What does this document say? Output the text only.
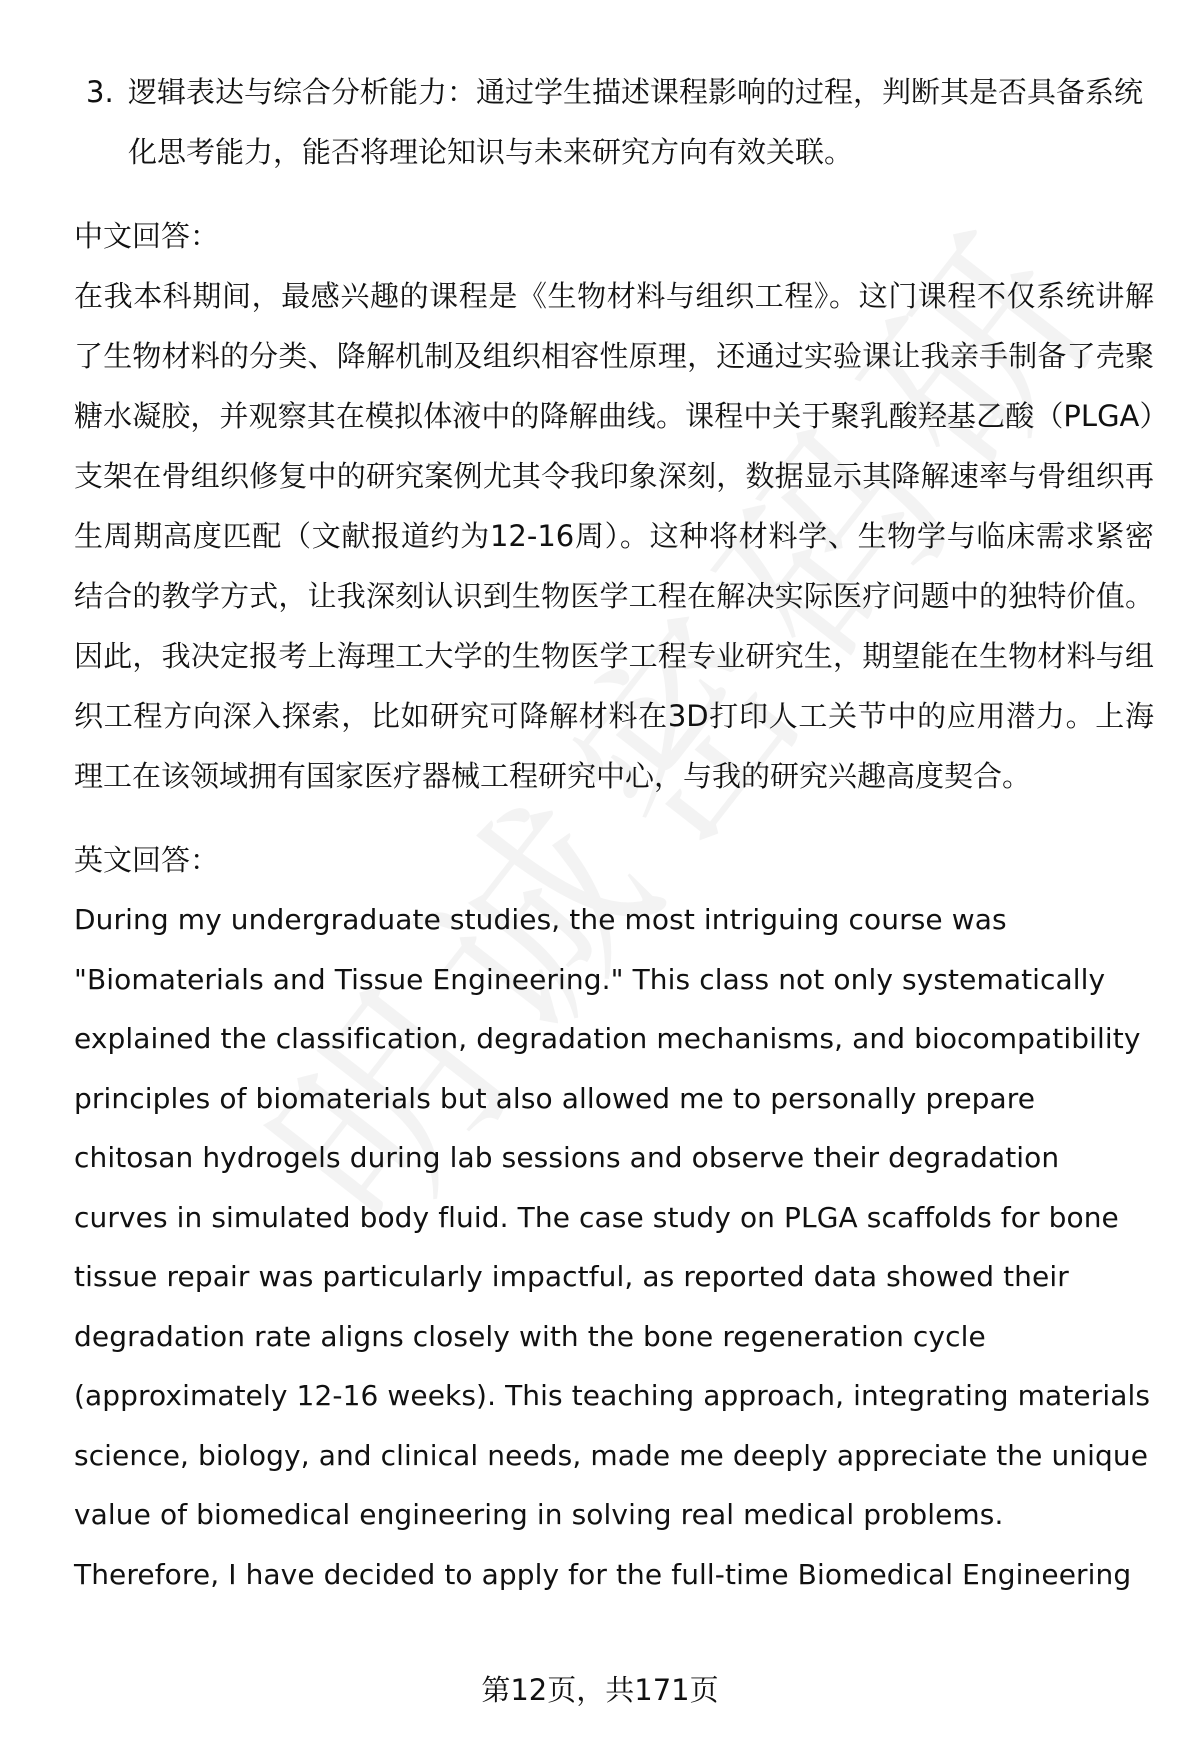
3. 逻辑表达与综合分析能力：通过学生描述课程影响的过程，判断其是否具备系统化思考能力，能否将理论知识与未来研究方向有效关联。
中文回答：

在我本科期间，最感兴趣的课程是《生物材料与组织工程》。这门课程不仅系统讲解了生物材料的分类、降解机制及组织相容性原理，还通过实验课让我亲手制备了壳聚糖水凝胶，并观察其在模拟体液中的降解曲线。课程中关于聚乳酸羟基乙酸（PLGA）支架在骨组织修复中的研究案例尤其令我印象深刻，数据显示其降解速率与骨组织再生周期高度匹配（文献报道约为12-16周）。这种将材料学、生物学与临床需求紧密结合的教学方式，让我深刻认识到生物医学工程在解决实际医疗问题中的独特价值。因此，我决定报考上海理工大学的生物医学工程专业研究生，期望能在生物材料与组织工程方向深入探索，比如研究可降解材料在3D打印人工关节中的应用潜力。上海理工在该领域拥有国家医疗器械工程研究中心，与我的研究兴趣高度契合。

英文回答：

During my undergraduate studies, the most intriguing course was "Biomaterials and Tissue Engineering." This class not only systematically explained the classification, degradation mechanisms, and biocompatibility principles of biomaterials but also allowed me to personally prepare chitosan hydrogels during lab sessions and observe their degradation curves in simulated body fluid. The case study on PLGA scaffolds for bone tissue repair was particularly impactful, as reported data showed their degradation rate aligns closely with the bone regeneration cycle (approximately 12-16 weeks). This teaching approach, integrating materials science, biology, and clinical needs, made me deeply appreciate the unique value of biomedical engineering in solving real medical problems. Therefore, I have decided to apply for the full-time Biomedical Engineering

第12页，共171页
